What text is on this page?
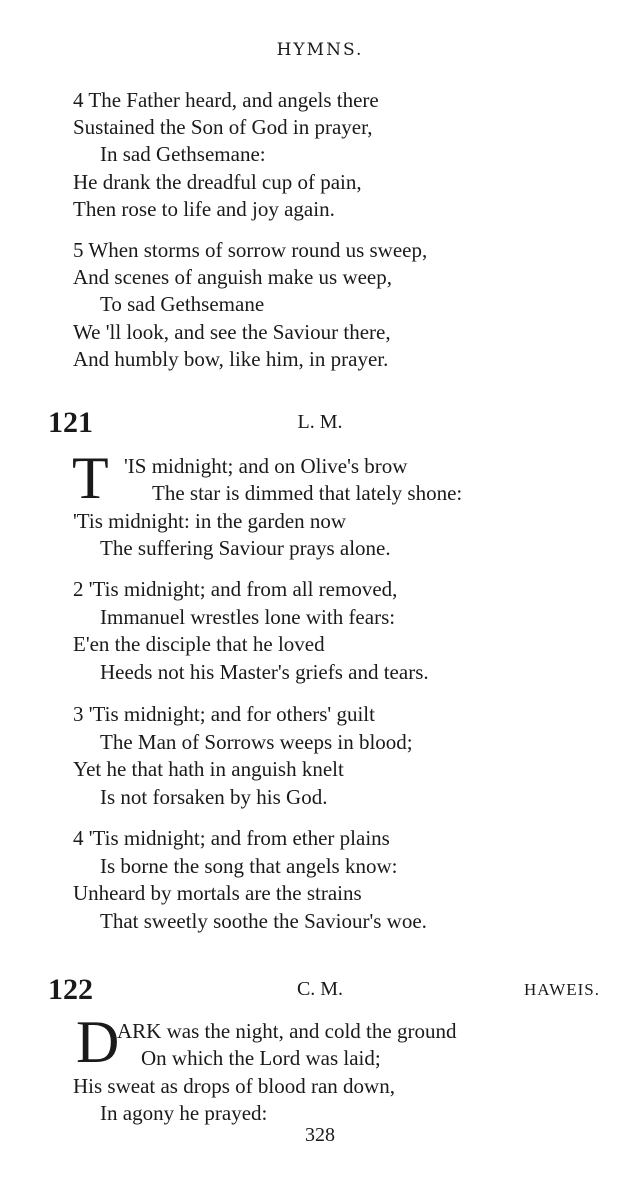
HYMNS.
4 The Father heard, and angels there
Sustained the Son of God in prayer,
In sad Gethsemane:
He drank the dreadful cup of pain,
Then rose to life and joy again.
5 When storms of sorrow round us sweep,
And scenes of anguish make us weep,
To sad Gethsemane
We 'll look, and see the Saviour there,
And humbly bow, like him, in prayer.
121	L. M.
T 'IS midnight; and on Olive's brow
The star is dimmed that lately shone:
'Tis midnight: in the garden now
The suffering Saviour prays alone.
2 'Tis midnight; and from all removed,
Immanuel wrestles lone with fears:
E'en the disciple that he loved
Heeds not his Master's griefs and tears.
3 'Tis midnight; and for others' guilt
The Man of Sorrows weeps in blood;
Yet he that hath in anguish knelt
Is not forsaken by his God.
4 'Tis midnight; and from ether plains
Is borne the song that angels know:
Unheard by mortals are the strains
That sweetly soothe the Saviour's woe.
122	C. M.	HAWEIS.
D
ARK was the night, and cold the ground
On which the Lord was laid;
His sweat as drops of blood ran down,
In agony he prayed:
328
